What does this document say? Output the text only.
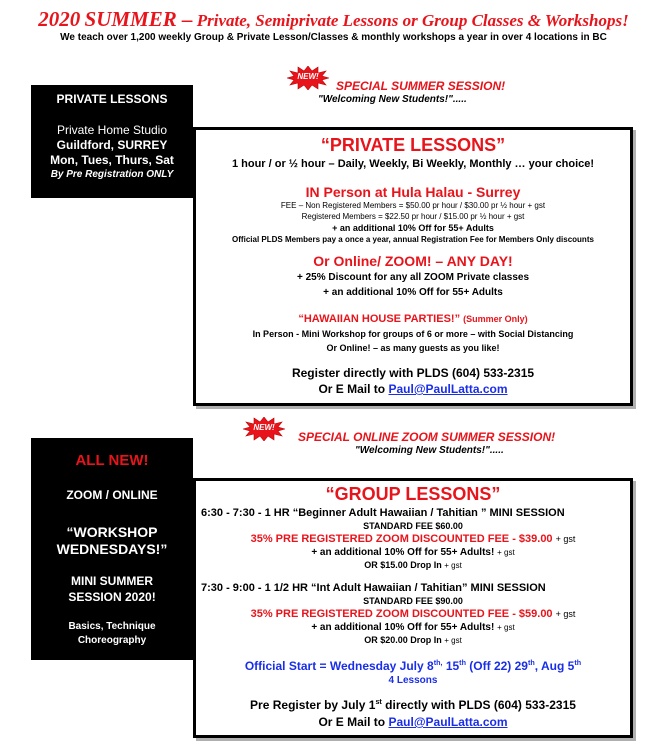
2020 SUMMER – Private, Semiprivate Lessons or Group Classes & Workshops!
We teach over 1,200 weekly Group & Private Lesson/Classes & monthly workshops a year in over 4 locations in BC
NEW!
SPECIAL SUMMER SESSION!
"Welcoming New Students!".....
PRIVATE LESSONS
Private Home Studio
Guildford, SURREY
Mon, Tues, Thurs, Sat
By Pre Registration ONLY
“PRIVATE LESSONS”
1 hour / or ½ hour – Daily, Weekly, Bi Weekly, Monthly … your choice!
IN Person at Hula Halau - Surrey
FEE – Non Registered Members = $50.00 pr hour / $30.00 pr ½ hour + gst
Registered Members = $22.50 pr hour / $15.00 pr ½ hour + gst
+ an additional 10% Off for 55+ Adults
Official PLDS Members pay a once a year, annual Registration Fee for Members Only discounts
Or Online/ ZOOM! – ANY DAY!
+ 25% Discount for any all ZOOM Private classes
+ an additional 10% Off for 55+ Adults
“HAWAIIAN HOUSE PARTIES!” (Summer Only)
In Person - Mini Workshop for groups of 6 or more – with Social Distancing
Or Online! – as many guests as you like!
Register directly with PLDS (604) 533-2315
Or E Mail to Paul@PaulLatta.com
NEW!
SPECIAL ONLINE ZOOM SUMMER SESSION!
"Welcoming New Students!".....
ALL NEW!
ZOOM / ONLINE
“WORKSHOP
WEDNESDAYS!”
MINI SUMMER
SESSION 2020!
Basics, Technique
Choreography
“GROUP LESSONS”
6:30 - 7:30 - 1 HR “Beginner Adult Hawaiian / Tahitian ” MINI SESSION
STANDARD FEE $60.00
35% PRE REGISTERED ZOOM DISCOUNTED FEE - $39.00 + gst
+ an additional 10% Off for 55+ Adults! + gst
OR $15.00 Drop In + gst
7:30 - 9:00 - 1 1/2 HR “Int Adult Hawaiian / Tahitian” MINI SESSION
STANDARD FEE $90.00
35% PRE REGISTERED ZOOM DISCOUNTED FEE - $59.00 + gst
+ an additional 10% Off for 55+ Adults! + gst
OR $20.00 Drop In + gst
Official Start = Wednesday July $8^{th,}$ 15th (Off 22) 29th, Aug 5th
4 Lessons
Pre Register by July 1st directly with PLDS (604) 533-2315
Or E Mail to Paul@PaulLatta.com
